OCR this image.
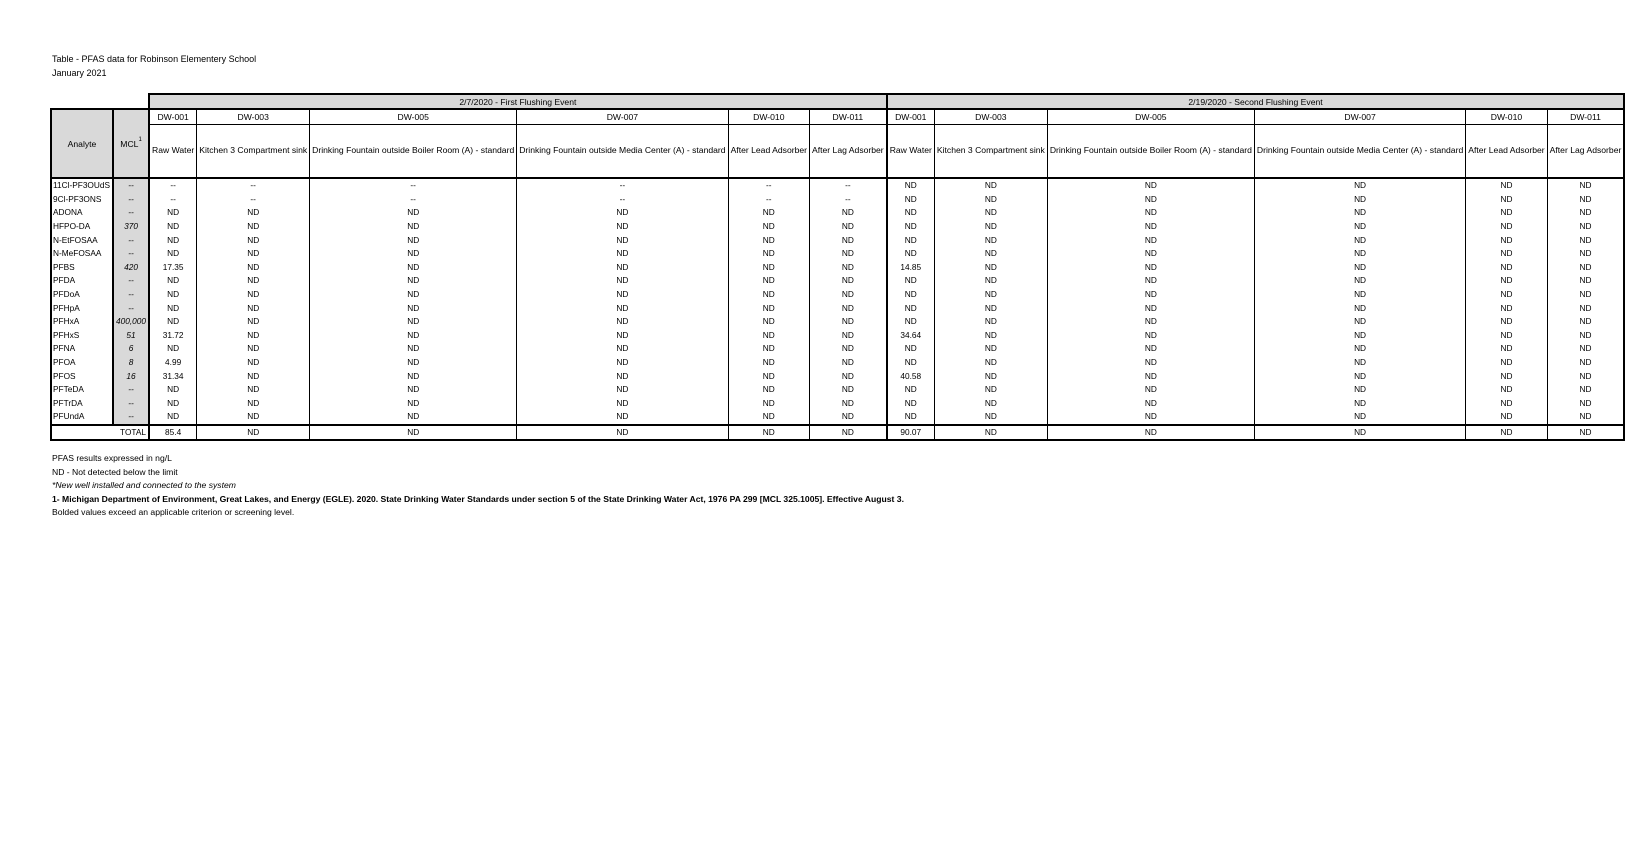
Table - PFAS data for Robinson Elementery School
January 2021
		2/7/2020 - First Flushing Event						2/19/2020 - Second Flushing Event					
Analyte	MCL$^1$	DW-001	DW-003	DW-005	DW-007	DW-010	DW-011	DW-001	DW-003	DW-005	DW-007	DW-010	DW-011
		Raw Water	Kitchen 3 Compartment sink	Drinking Fountain outside Boiler Room (A) - standard	Drinking Fountain outside Media Center (A) - standard	After Lead Adsorber	After Lag Adsorber	Raw Water	Kitchen 3 Compartment sink	Drinking Fountain outside Boiler Room (A) - standard	Drinking Fountain outside Media Center (A) - standard	After Lead Adsorber	After Lag Adsorber
11Cl-PF3OUdS	--	--	--	--	--	--	--	ND	ND	ND	ND	ND	ND
9Cl-PF3ONS	--	--	--	--	--	--	--	ND	ND	ND	ND	ND	ND
ADONA	--	ND	ND	ND	ND	ND	ND	ND	ND	ND	ND	ND	ND
HFPO-DA	370	ND	ND	ND	ND	ND	ND	ND	ND	ND	ND	ND	ND
N-EtFOSAA	--	ND	ND	ND	ND	ND	ND	ND	ND	ND	ND	ND	ND
N-MeFOSAA	--	ND	ND	ND	ND	ND	ND	ND	ND	ND	ND	ND	ND
PFBS	420	17.35	ND	ND	ND	ND	ND	14.85	ND	ND	ND	ND	ND
PFDA	--	ND	ND	ND	ND	ND	ND	ND	ND	ND	ND	ND	ND
PFDoA	--	ND	ND	ND	ND	ND	ND	ND	ND	ND	ND	ND	ND
PFHpA	--	ND	ND	ND	ND	ND	ND	ND	ND	ND	ND	ND	ND
PFHxA	400,000	ND	ND	ND	ND	ND	ND	ND	ND	ND	ND	ND	ND
PFHxS	51	31.72	ND	ND	ND	ND	ND	34.64	ND	ND	ND	ND	ND
PFNA	6	ND	ND	ND	ND	ND	ND	ND	ND	ND	ND	ND	ND
PFOA	8	4.99	ND	ND	ND	ND	ND	ND	ND	ND	ND	ND	ND
PFOS	16	31.34	ND	ND	ND	ND	ND	40.58	ND	ND	ND	ND	ND
PFTeDA	--	ND	ND	ND	ND	ND	ND	ND	ND	ND	ND	ND	ND
PFTrDA	--	ND	ND	ND	ND	ND	ND	ND	ND	ND	ND	ND	ND
PFUndA	--	ND	ND	ND	ND	ND	ND	ND	ND	ND	ND	ND	ND
TOTAL		85.4	ND	ND	ND	ND	ND	90.07	ND	ND	ND	ND	ND
PFAS results expressed in ng/L
ND - Not detected below the limit
*New well installed and connected to the system
1- Michigan Department of Environment, Great Lakes, and Energy (EGLE). 2020. State Drinking Water Standards under section 5 of the State Drinking Water Act, 1976 PA 299 [MCL 325.1005]. Effective August 3.
Bolded values exceed an applicable criterion or screening level.
